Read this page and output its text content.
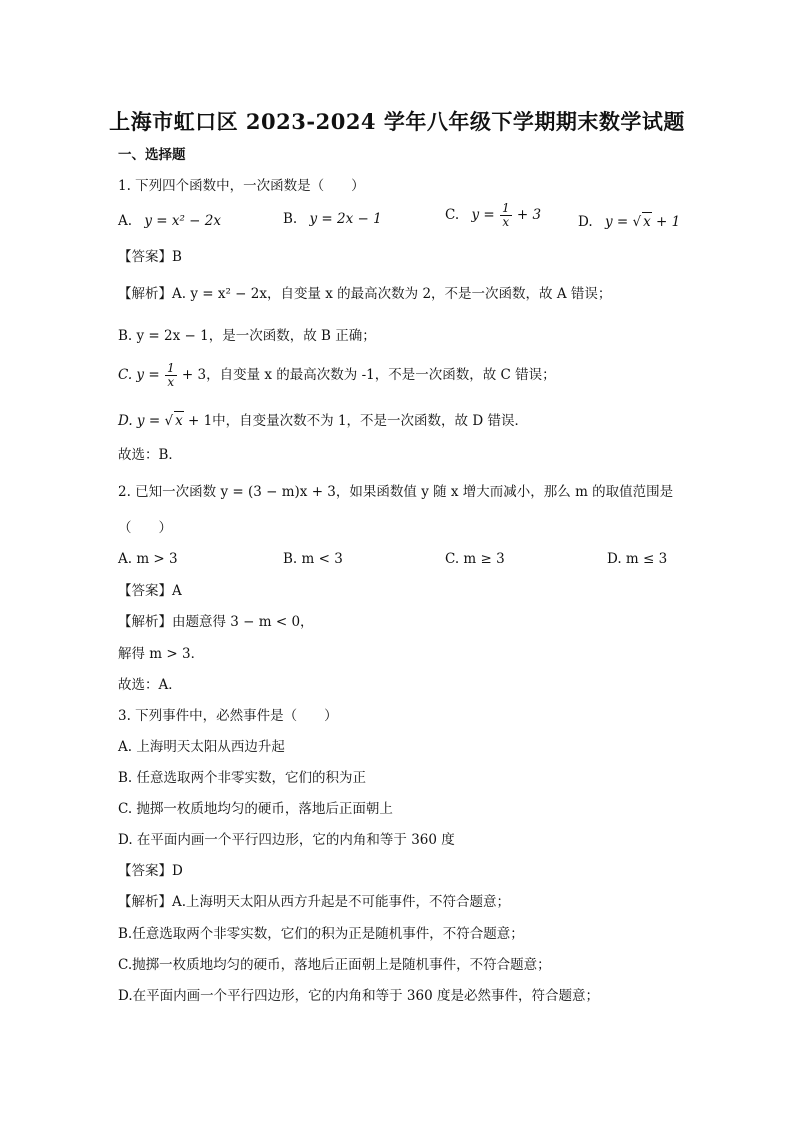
上海市虹口区 2023-2024 学年八年级下学期期末数学试题
一、选择题
1. 下列四个函数中，一次函数是（　　）
A. y = x² − 2x	B. y = 2x − 1	C. $y = \frac{1}{x} + 3$	D. y = √ x + 1
【答案】B
【解析】A. y = x² − 2x，自变量 x 的最高次数为 2，不是一次函数，故 A 错误；
B. y = 2x − 1，是一次函数，故 B 正确；
C. $y = \frac{1}{x} + 3$，自变量 x 的最高次数为 -1，不是一次函数，故 C 错误；
D. y = √ x + 1中，自变量次数不为 1，不是一次函数，故 D 错误．
故选：B．
2. 已知一次函数 y = (3 − m)x + 3，如果函数值 y 随 x 增大而减小，那么 m 的取值范围是
（　　）
A. m > 3	B. m < 3	C. m ≥ 3	D. m ≤ 3
【答案】A
【解析】由题意得 3 − m < 0，
解得 m > 3．
故选：A．
3. 下列事件中，必然事件是（　　）
A. 上海明天太阳从西边升起
B. 任意选取两个非零实数，它们的积为正
C. 抛掷一枚质地均匀的硬币，落地后正面朝上
D. 在平面内画一个平行四边形，它的内角和等于 360 度
【答案】D
【解析】A.上海明天太阳从西方升起是不可能事件，不符合题意；
B.任意选取两个非零实数，它们的积为正是随机事件，不符合题意；
C.抛掷一枚质地均匀的硬币，落地后正面朝上是随机事件，不符合题意；
D.在平面内画一个平行四边形，它的内角和等于 360 度是必然事件，符合题意；
